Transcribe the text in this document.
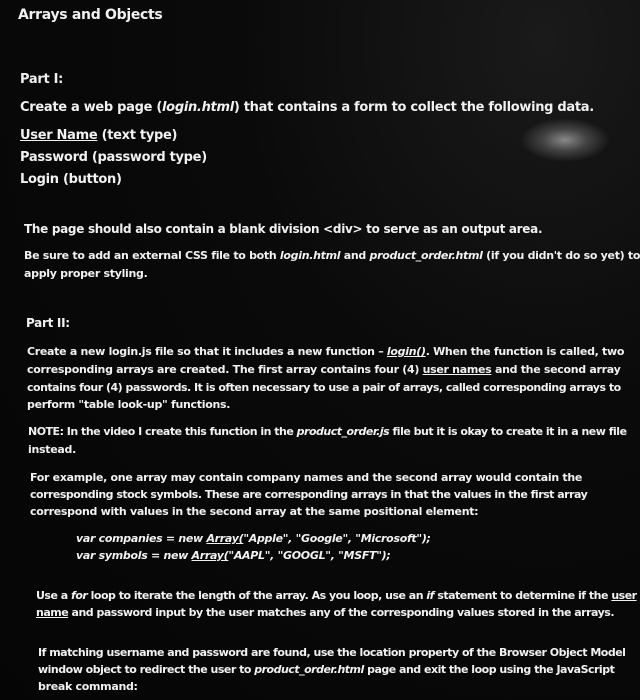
Arrays and Objects

Part I:

Create a web page (login.html) that contains a form to collect the following data.

User Name (text type)

Password (password type)

Login (button)

The page should also contain a blank division <div> to serve as an output area.

Be sure to add an external CSS file to both login.html and product_order.html (if you didn't do so yet) to

apply proper styling.

Part II:

Create a new login.js file so that it includes a new function – login(). When the function is called, two

corresponding arrays are created. The first array contains four (4) user names and the second array

contains four (4) passwords. It is often necessary to use a pair of arrays, called corresponding arrays to

perform "table look-up" functions.

NOTE: In the video I create this function in the product_order.js file but it is okay to create it in a new file

instead.

For example, one array may contain company names and the second array would contain the

corresponding stock symbols. These are corresponding arrays in that the values in the first array

correspond with values in the second array at the same positional element:

var companies = new Array("Apple", "Google", "Microsoft");

var symbols = new Array("AAPL", "GOOGL", "MSFT");

Use a for loop to iterate the length of the array. As you loop, use an if statement to determine if the user

name and password input by the user matches any of the corresponding values stored in the arrays.

If matching username and password are found, use the location property of the Browser Object Model

window object to redirect the user to product_order.html page and exit the loop using the JavaScript

break command:
